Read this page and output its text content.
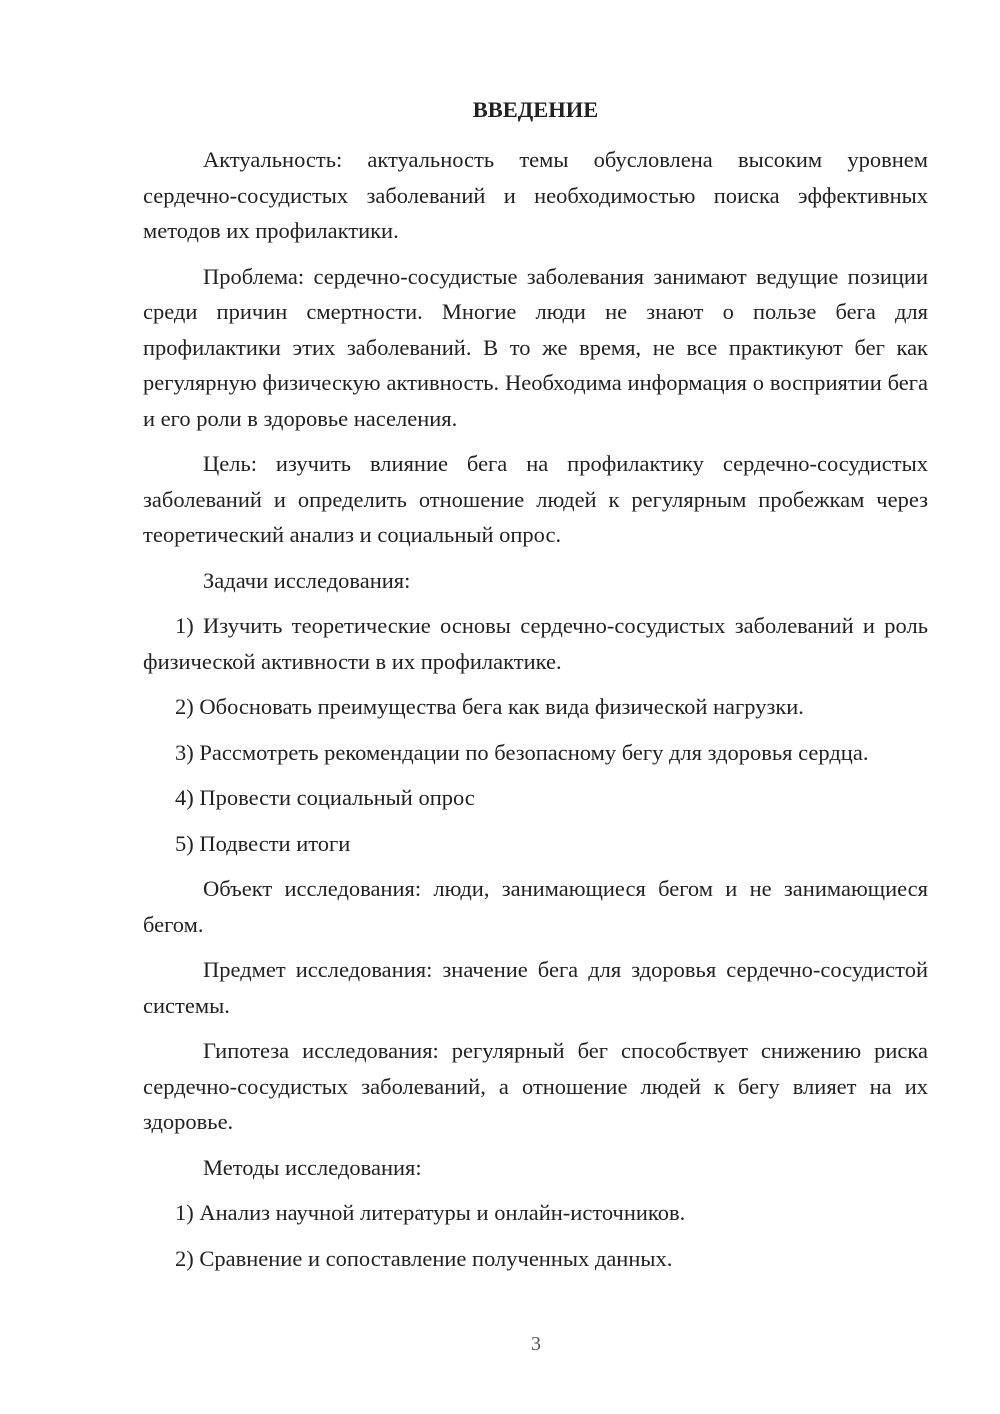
ВВЕДЕНИЕ

Актуальность: актуальность темы обусловлена высоким уровнем сердечно-сосудистых заболеваний и необходимостью поиска эффективных методов их профилактики.

Проблема: сердечно-сосудистые заболевания занимают ведущие позиции среди причин смертности. Многие люди не знают о пользе бега для профилактики этих заболеваний. В то же время, не все практикуют бег как регулярную физическую активность. Необходима информация о восприятии бега и его роли в здоровье населения.

Цель: изучить влияние бега на профилактику сердечно-сосудистых заболеваний и определить отношение людей к регулярным пробежкам через теоретический анализ и социальный опрос.

Задачи исследования:

1) Изучить теоретические основы сердечно-сосудистых заболеваний и роль физической активности в их профилактике.

2) Обосновать преимущества бега как вида физической нагрузки.

3) Рассмотреть рекомендации по безопасному бегу для здоровья сердца.

4) Провести социальный опрос

5) Подвести итоги

Объект исследования: люди, занимающиеся бегом и не занимающиеся бегом.

Предмет исследования: значение бега для здоровья сердечно-сосудистой системы.

Гипотеза исследования: регулярный бег способствует снижению риска сердечно-сосудистых заболеваний, а отношение людей к бегу влияет на их здоровье.

Методы исследования:

1) Анализ научной литературы и онлайн-источников.

2) Сравнение и сопоставление полученных данных.

3
